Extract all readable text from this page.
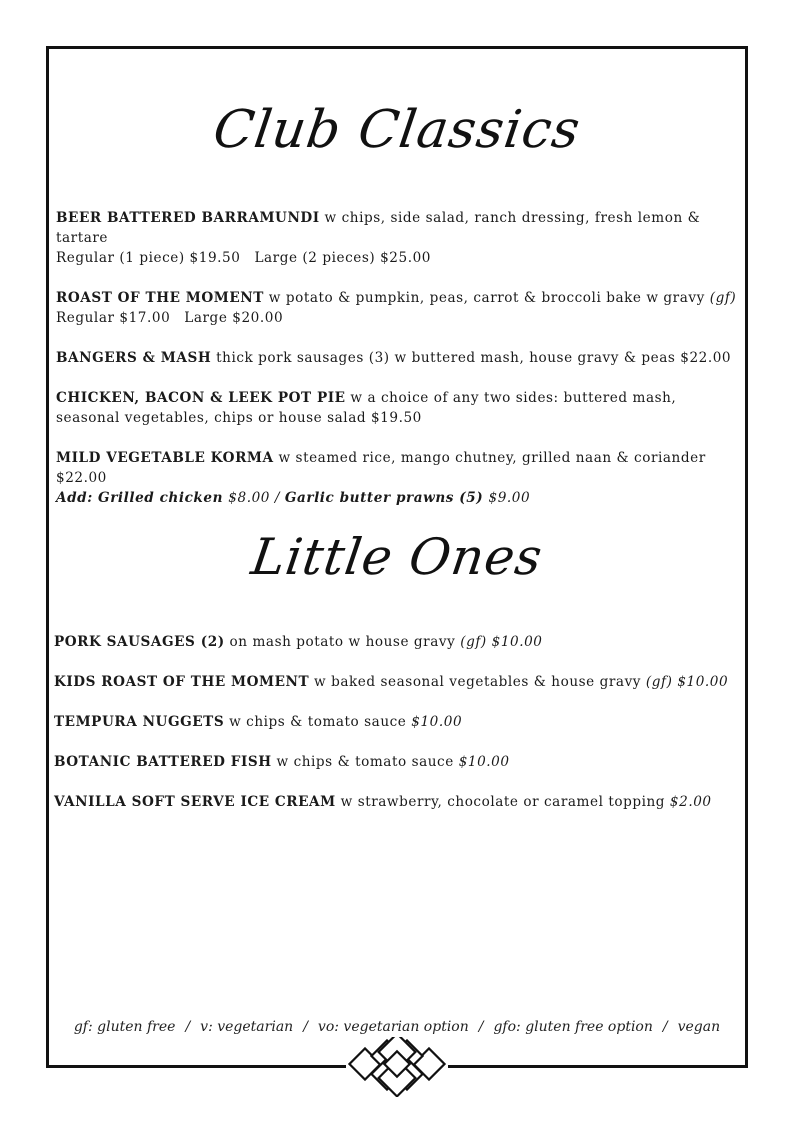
Club Classics
BEER BATTERED BARRAMUNDI w chips, side salad, ranch dressing, fresh lemon & tartare
Regular (1 piece) $19.50 Large (2 pieces) $25.00
ROAST OF THE MOMENT w potato & pumpkin, peas, carrot & broccoli bake w gravy (gf)
Regular $17.00 Large $20.00
BANGERS & MASH thick pork sausages (3) w buttered mash, house gravy & peas $22.00
CHICKEN, BACON & LEEK POT PIE w a choice of any two sides: buttered mash, seasonal vegetables, chips or house salad $19.50
MILD VEGETABLE KORMA w steamed rice, mango chutney, grilled naan & coriander $22.00
Add: Grilled chicken $8.00 / Garlic butter prawns (5) $9.00
Little Ones
PORK SAUSAGES (2) on mash potato w house gravy (gf) $10.00
KIDS ROAST OF THE MOMENT w baked seasonal vegetables & house gravy (gf) $10.00
TEMPURA NUGGETS w chips & tomato sauce $10.00
BOTANIC BATTERED FISH w chips & tomato sauce $10.00
VANILLA SOFT SERVE ICE CREAM w strawberry, chocolate or caramel topping $2.00
gf: gluten free / v: vegetarian / vo: vegetarian option / gfo: gluten free option / vegan
